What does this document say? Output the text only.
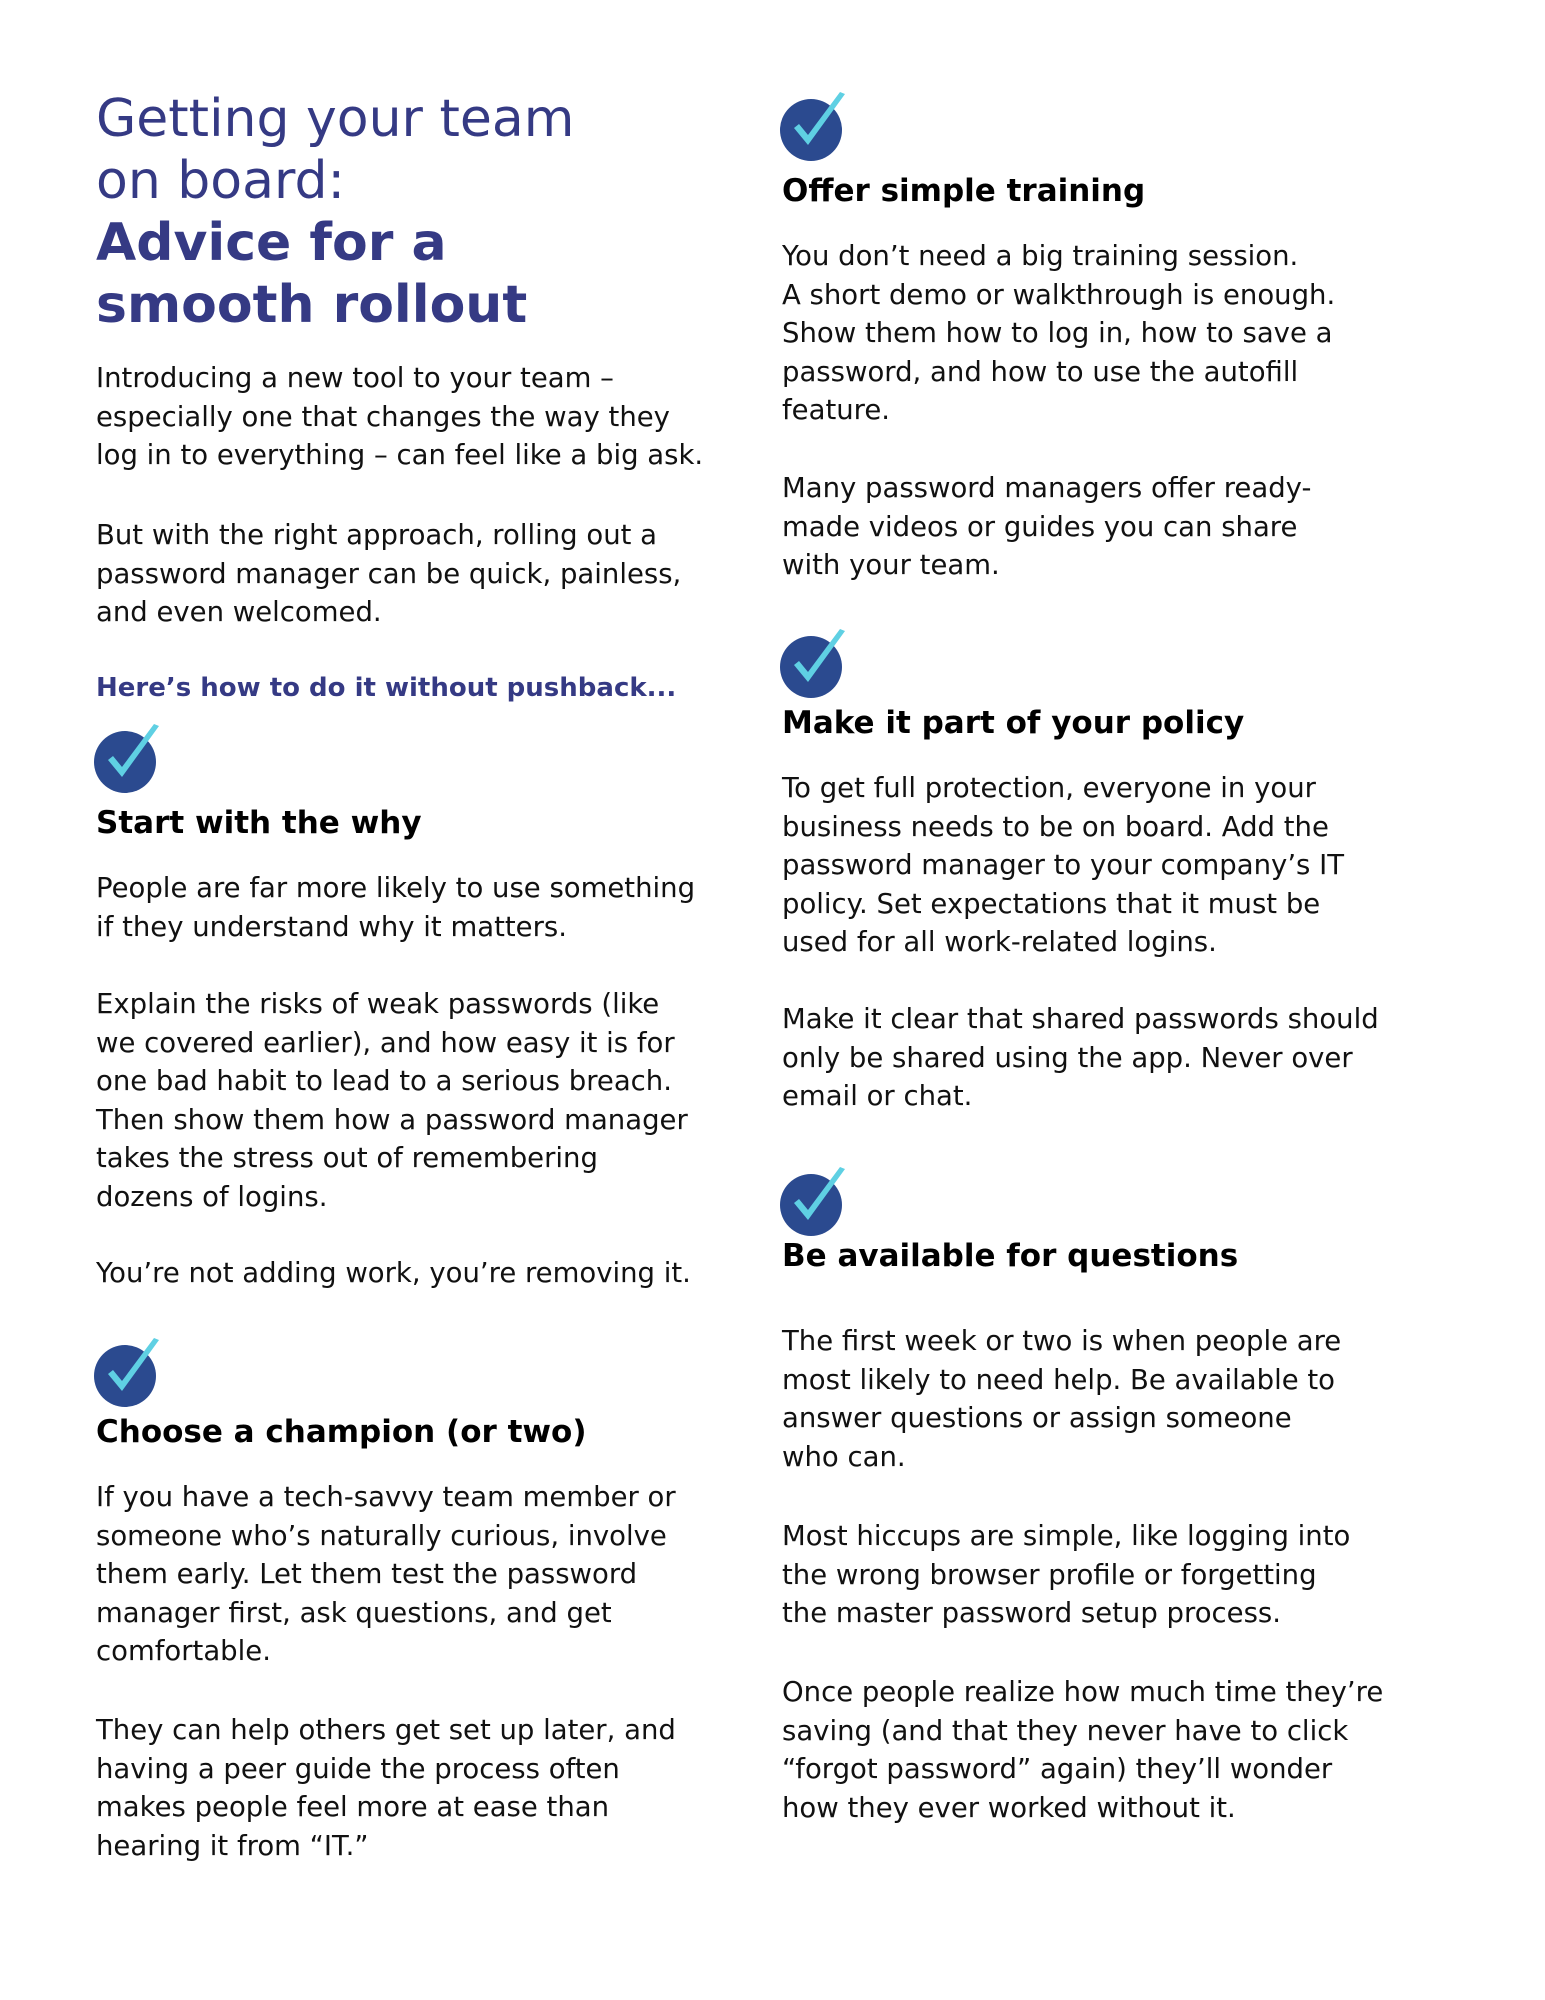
Getting your team
on board:
Advice for a
smooth rollout
Introducing a new tool to your team –
especially one that changes the way they
log in to everything – can feel like a big ask.
But with the right approach, rolling out a
password manager can be quick, painless,
and even welcomed.
Here’s how to do it without pushback...
Start with the why
People are far more likely to use something
if they understand why it matters.
Explain the risks of weak passwords (like
we covered earlier), and how easy it is for
one bad habit to lead to a serious breach.
Then show them how a password manager
takes the stress out of remembering
dozens of logins.
You’re not adding work, you’re removing it.
Choose a champion (or two)
If you have a tech-savvy team member or
someone who’s naturally curious, involve
them early. Let them test the password
manager first, ask questions, and get
comfortable.
They can help others get set up later, and
having a peer guide the process often
makes people feel more at ease than
hearing it from “IT.”
Offer simple training
You don’t need a big training session.
A short demo or walkthrough is enough.
Show them how to log in, how to save a
password, and how to use the autofill
feature.
Many password managers offer ready-
made videos or guides you can share
with your team.
Make it part of your policy
To get full protection, everyone in your
business needs to be on board. Add the
password manager to your company’s IT
policy. Set expectations that it must be
used for all work-related logins.
Make it clear that shared passwords should
only be shared using the app. Never over
email or chat.
Be available for questions
The first week or two is when people are
most likely to need help. Be available to
answer questions or assign someone
who can.
Most hiccups are simple, like logging into
the wrong browser profile or forgetting
the master password setup process.
Once people realize how much time they’re
saving (and that they never have to click
“forgot password” again) they’ll wonder
how they ever worked without it.
